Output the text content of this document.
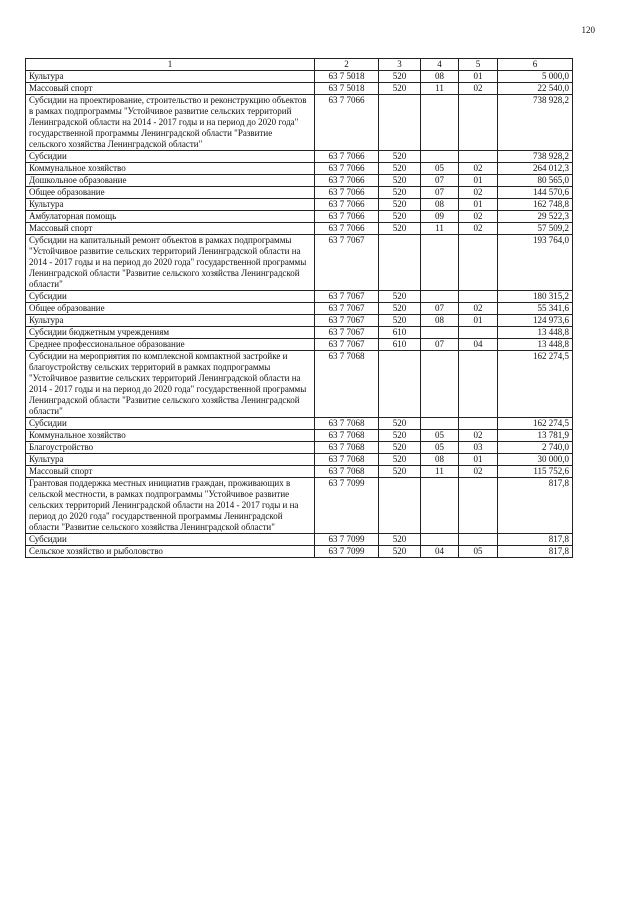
120
1	2	3	4	5	6
Культура	63 7 5018	520	08	01	5 000,0
Массовый спорт	63 7 5018	520	11	02	22 540,0
Субсидии на проектирование, строительство и реконструкцию объектов в рамках подпрограммы "Устойчивое развитие сельских территорий Ленинградской области на 2014 - 2017 годы и на период до 2020 года" государственной программы Ленинградской области "Развитие сельского хозяйства Ленинградской области"	63 7 7066				738 928,2
Субсидии	63 7 7066	520			738 928,2
Коммунальное хозяйство	63 7 7066	520	05	02	264 012,3
Дошкольное образование	63 7 7066	520	07	01	80 565,0
Общее образование	63 7 7066	520	07	02	144 570,6
Культура	63 7 7066	520	08	01	162 748,8
Амбулаторная помощь	63 7 7066	520	09	02	29 522,3
Массовый спорт	63 7 7066	520	11	02	57 509,2
Субсидии на капитальный ремонт объектов в рамках подпрограммы "Устойчивое развитие сельских территорий Ленинградской области на 2014 - 2017 годы и на период до 2020 года" государственной программы Ленинградской области "Развитие сельского хозяйства Ленинградской области"	63 7 7067				193 764,0
Субсидии	63 7 7067	520			180 315,2
Общее образование	63 7 7067	520	07	02	55 341,6
Культура	63 7 7067	520	08	01	124 973,6
Субсидии бюджетным учреждениям	63 7 7067	610			13 448,8
Среднее профессиональное образование	63 7 7067	610	07	04	13 448,8
Субсидии на мероприятия по комплексной компактной застройке и благоустройству сельских территорий в рамках подпрограммы "Устойчивое развитие сельских территорий Ленинградской области на 2014 - 2017 годы и на период до 2020 года" государственной программы Ленинградской области "Развитие сельского хозяйства Ленинградской области"	63 7 7068				162 274,5
Субсидии	63 7 7068	520			162 274,5
Коммунальное хозяйство	63 7 7068	520	05	02	13 781,9
Благоустройство	63 7 7068	520	05	03	2 740,0
Культура	63 7 7068	520	08	01	30 000,0
Массовый спорт	63 7 7068	520	11	02	115 752,6
Грантовая поддержка местных инициатив граждан, проживающих в сельской местности, в рамках подпрограммы "Устойчивое развитие сельских территорий Ленинградской области на 2014 - 2017 годы и на период до 2020 года" государственной программы Ленинградской области "Развитие сельского хозяйства Ленинградской области"	63 7 7099				817,8
Субсидии	63 7 7099	520			817,8
Сельское хозяйство и рыболовство	63 7 7099	520	04	05	817,8
